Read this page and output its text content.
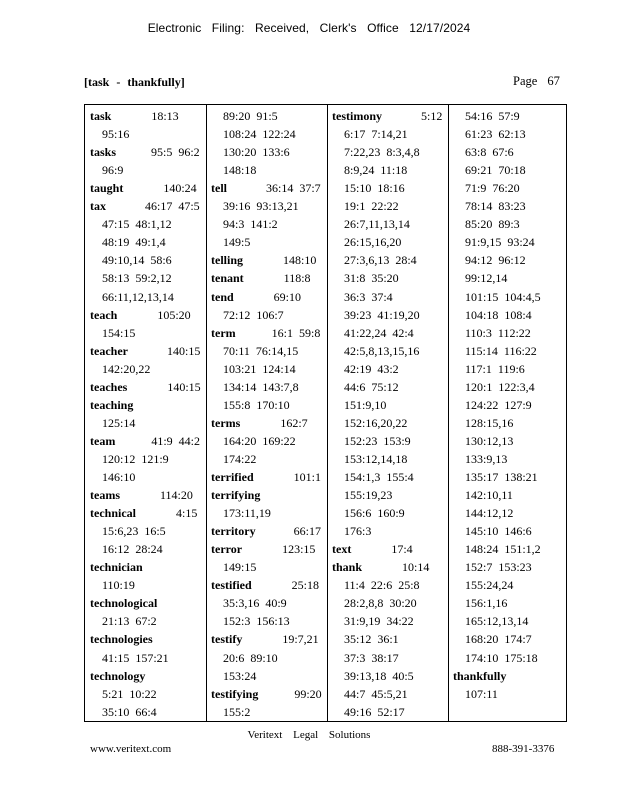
Electronic Filing: Received, Clerk's Office 12/17/2024
[task - thankfully]	Page 67
task	18:13
95:16
tasks	95:5  96:2
96:9
taught	140:24
tax	46:17  47:5
47:15  48:1,12
48:19  49:1,4
49:10,14  58:6
58:13  59:2,12
66:11,12,13,14
teach	105:20
154:15
teacher	140:15
142:20,22
teaches	140:15
teaching
125:14
team	41:9  44:2
120:12  121:9
146:10
teams	114:20
technical	4:15
15:6,23  16:5
16:12  28:24
technician
110:19
technological
21:13  67:2
technologies
41:15  157:21
technology
5:21  10:22
35:10  66:4
89:20  91:5
108:24  122:24
130:20  133:6
148:18
tell	36:14  37:7
39:16  93:13,21
94:3  141:2
149:5
telling	148:10
tenant	118:8
tend	69:10
72:12  106:7
term	16:1  59:8
70:11  76:14,15
103:21  124:14
134:14  143:7,8
155:8  170:10
terms	162:7
164:20  169:22
174:22
terrified	101:1
terrifying
173:11,19
territory	66:17
terror	123:15
149:15
testified	25:18
35:3,16  40:9
152:3  156:13
testify	19:7,21
20:6  89:10
153:24
testifying	99:20
155:2
testimony	5:12
6:17  7:14,21
7:22,23  8:3,4,8
8:9,24  11:18
15:10  18:16
19:1  22:22
26:7,11,13,14
26:15,16,20
27:3,6,13  28:4
31:8  35:20
36:3  37:4
39:23  41:19,20
41:22,24  42:4
42:5,8,13,15,16
42:19  43:2
44:6  75:12
151:9,10
152:16,20,22
152:23  153:9
153:12,14,18
154:1,3  155:4
155:19,23
156:6  160:9
176:3
text	17:4
thank	10:14
11:4  22:6  25:8
28:2,8,8  30:20
31:9,19  34:22
35:12  36:1
37:3  38:17
39:13,18  40:5
44:7  45:5,21
49:16  52:17
54:16  57:9
61:23  62:13
63:8  67:6
69:21  70:18
71:9  76:20
78:14  83:23
85:20  89:3
91:9,15  93:24
94:12  96:12
99:12,14
101:15  104:4,5
104:18  108:4
110:3  112:22
115:14  116:22
117:1  119:6
120:1  122:3,4
124:22  127:9
128:15,16
130:12,13
133:9,13
135:17  138:21
142:10,11
144:12,12
145:10  146:6
148:24  151:1,2
152:7  153:23
155:24,24
156:1,16
165:12,13,14
168:20  174:7
174:10  175:18
thankfully
107:11
Veritext Legal Solutions
www.veritext.com	888-391-3376
